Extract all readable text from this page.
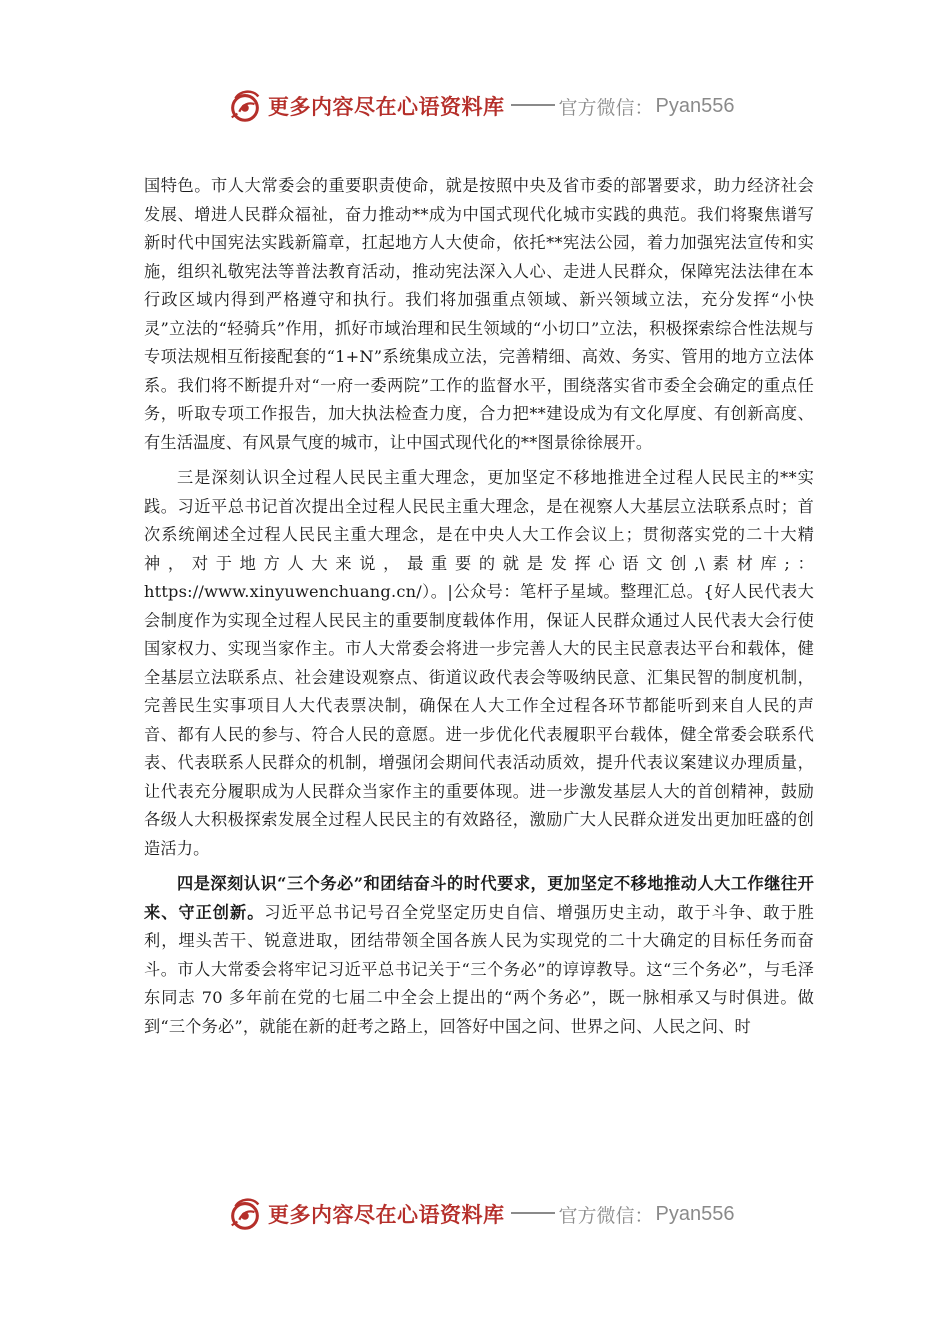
更多内容尽在心语资料库	官方微信： Pyan556

国特色。市人大常委会的重要职责使命，就是按照中央及省市委的部署要求，助力经济社会发展、增进人民群众福祉，奋力推动**成为中国式现代化城市实践的典范。我们将聚焦谱写新时代中国宪法实践新篇章，扛起地方人大使命，依托**宪法公园，着力加强宪法宣传和实施，组织礼敬宪法等普法教育活动，推动宪法深入人心、走进人民群众，保障宪法法律在本行政区域内得到严格遵守和执行。我们将加强重点领域、新兴领域立法，充分发挥“小快灵”立法的“轻骑兵”作用，抓好市域治理和民生领域的“小切口”立法，积极探索综合性法规与专项法规相互衔接配套的“1+N”系统集成立法，完善精细、高效、务实、管用的地方立法体系。我们将不断提升对“一府一委两院”工作的监督水平，围绕落实省市委全会确定的重点任务，听取专项工作报告，加大执法检查力度，合力把**建设成为有文化厚度、有创新高度、有生活温度、有风景气度的城市，让中国式现代化的**图景徐徐展开。

三是深刻认识全过程人民民主重大理念，更加坚定不移地推进全过程人民民主的**实践。习近平总书记首次提出全过程人民民主重大理念，是在视察人大基层立法联系点时；首次系统阐述全过程人民民主重大理念，是在中央人大工作会议上；贯彻落实党的二十大精神，对于地方人大来说，最重要的就是发挥心语文创,\素材库;：https://www.xinyuwenchuang.cn/）。|公众号：笔杆子星域。整理汇总。{好人民代表大会制度作为实现全过程人民民主的重要制度载体作用，保证人民群众通过人民代表大会行使国家权力、实现当家作主。市人大常委会将进一步完善人大的民主民意表达平台和载体，健全基层立法联系点、社会建设观察点、街道议政代表会等吸纳民意、汇集民智的制度机制，完善民生实事项目人大代表票决制，确保在人大工作全过程各环节都能听到来自人民的声音、都有人民的参与、符合人民的意愿。进一步优化代表履职平台载体，健全常委会联系代表、代表联系人民群众的机制，增强闭会期间代表活动质效，提升代表议案建议办理质量，让代表充分履职成为人民群众当家作主的重要体现。进一步激发基层人大的首创精神，鼓励各级人大积极探索发展全过程人民民主的有效路径，激励广大人民群众迸发出更加旺盛的创造活力。

四是深刻认识“三个务必”和团结奋斗的时代要求，更加坚定不移地推动人大工作继往开来、守正创新。习近平总书记号召全党坚定历史自信、增强历史主动，敢于斗争、敢于胜利，埋头苦干、锐意进取，团结带领全国各族人民为实现党的二十大确定的目标任务而奋斗。市人大常委会将牢记习近平总书记关于“三个务必”的谆谆教导。这“三个务必”，与毛泽东同志 70 多年前在党的七届二中全会上提出的“两个务必”，既一脉相承又与时俱进。做到“三个务必”，就能在新的赶考之路上，回答好中国之问、世界之问、人民之问、时

更多内容尽在心语资料库	官方微信： Pyan556
